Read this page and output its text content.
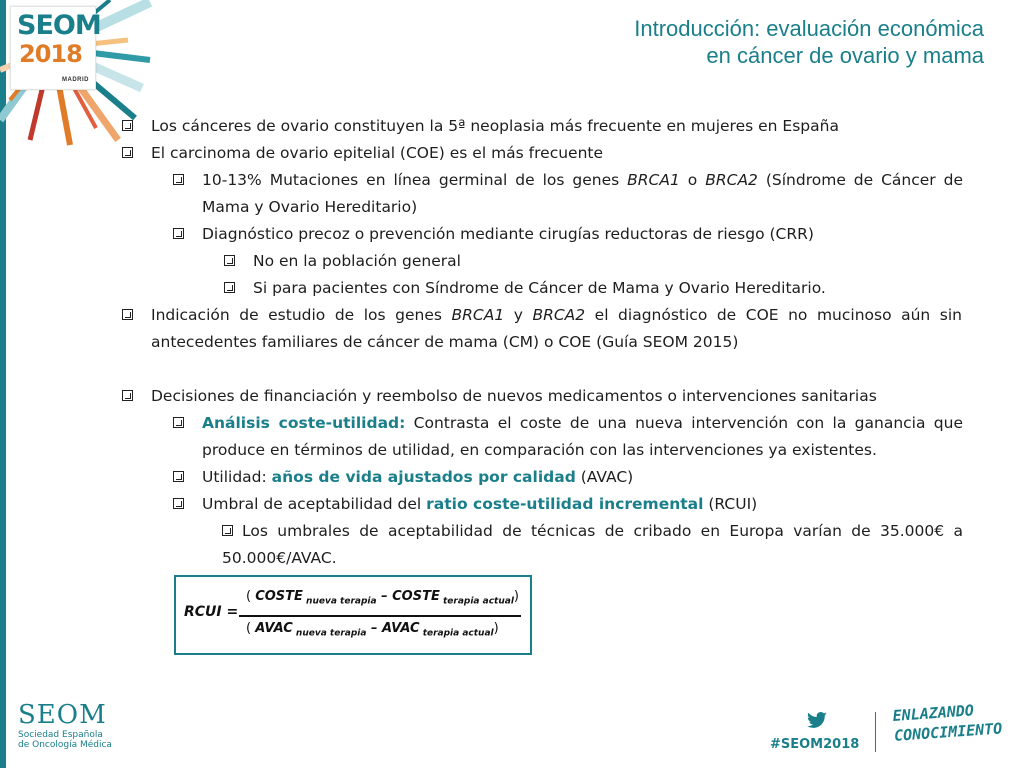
SEOM
2018
MADRID
Introducción: evaluación económica
en cáncer de ovario y mama
Los cánceres de ovario constituyen la 5ª neoplasia más frecuente en mujeres en España
El carcinoma de ovario epitelial (COE) es el más frecuente
10-13% Mutaciones en línea germinal de los genes BRCA1 o BRCA2 (Síndrome de Cáncer de Mama y Ovario Hereditario)
Diagnóstico precoz o prevención mediante cirugías reductoras de riesgo (CRR)
No en la población general
Si para pacientes con Síndrome de Cáncer de Mama y Ovario Hereditario.
Indicación de estudio de los genes BRCA1 y BRCA2 el diagnóstico de COE no mucinoso aún sin antecedentes familiares de cáncer de mama (CM) o COE (Guía SEOM 2015)
Decisiones de financiación y reembolso de nuevos medicamentos o intervenciones sanitarias
Análisis coste-utilidad: Contrasta el coste de una nueva intervención con la ganancia que produce en términos de utilidad, en comparación con las intervenciones ya existentes.
Utilidad: años de vida ajustados por calidad (AVAC)
Umbral de aceptabilidad del ratio coste-utilidad incremental (RCUI)
Los umbrales de aceptabilidad de técnicas de cribado en Europa varían de 35.000€ a 50.000€/AVAC.
RCUI =
( COSTE $_{nueva terapia}$ – COSTE $_{terapia actual}$)
( AVAC $_{nueva terapia}$ – AVAC $_{terapia actual}$)
SEOM
Sociedad Española
de Oncología Médica	#SEOM2018
ENLAZANDO
CONOCIMIENTO
